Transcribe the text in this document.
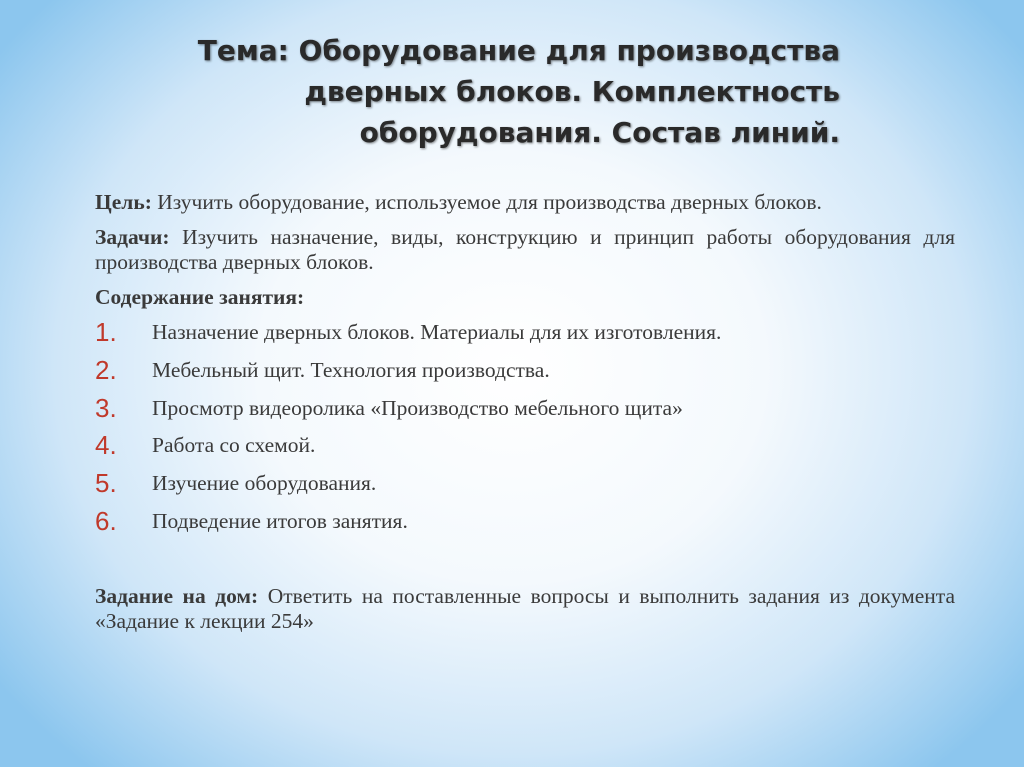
Тема: Оборудование для производства
дверных блоков. Комплектность
оборудования. Состав линий.

Цель: Изучить оборудование, используемое для производства дверных блоков.

Задачи: Изучить назначение, виды, конструкцию и принцип работы оборудования для производства дверных блоков.

Содержание занятия:
1.	Назначение дверных блоков. Материалы для их изготовления.
2.	Мебельный щит. Технология производства.
3.	Просмотр видеоролика «Производство мебельного щита»
4.	Работа со схемой.
5.	Изучение оборудования.
6.	Подведение итогов занятия.

Задание на дом: Ответить на поставленные вопросы и выполнить задания из документа «Задание к лекции 254»
